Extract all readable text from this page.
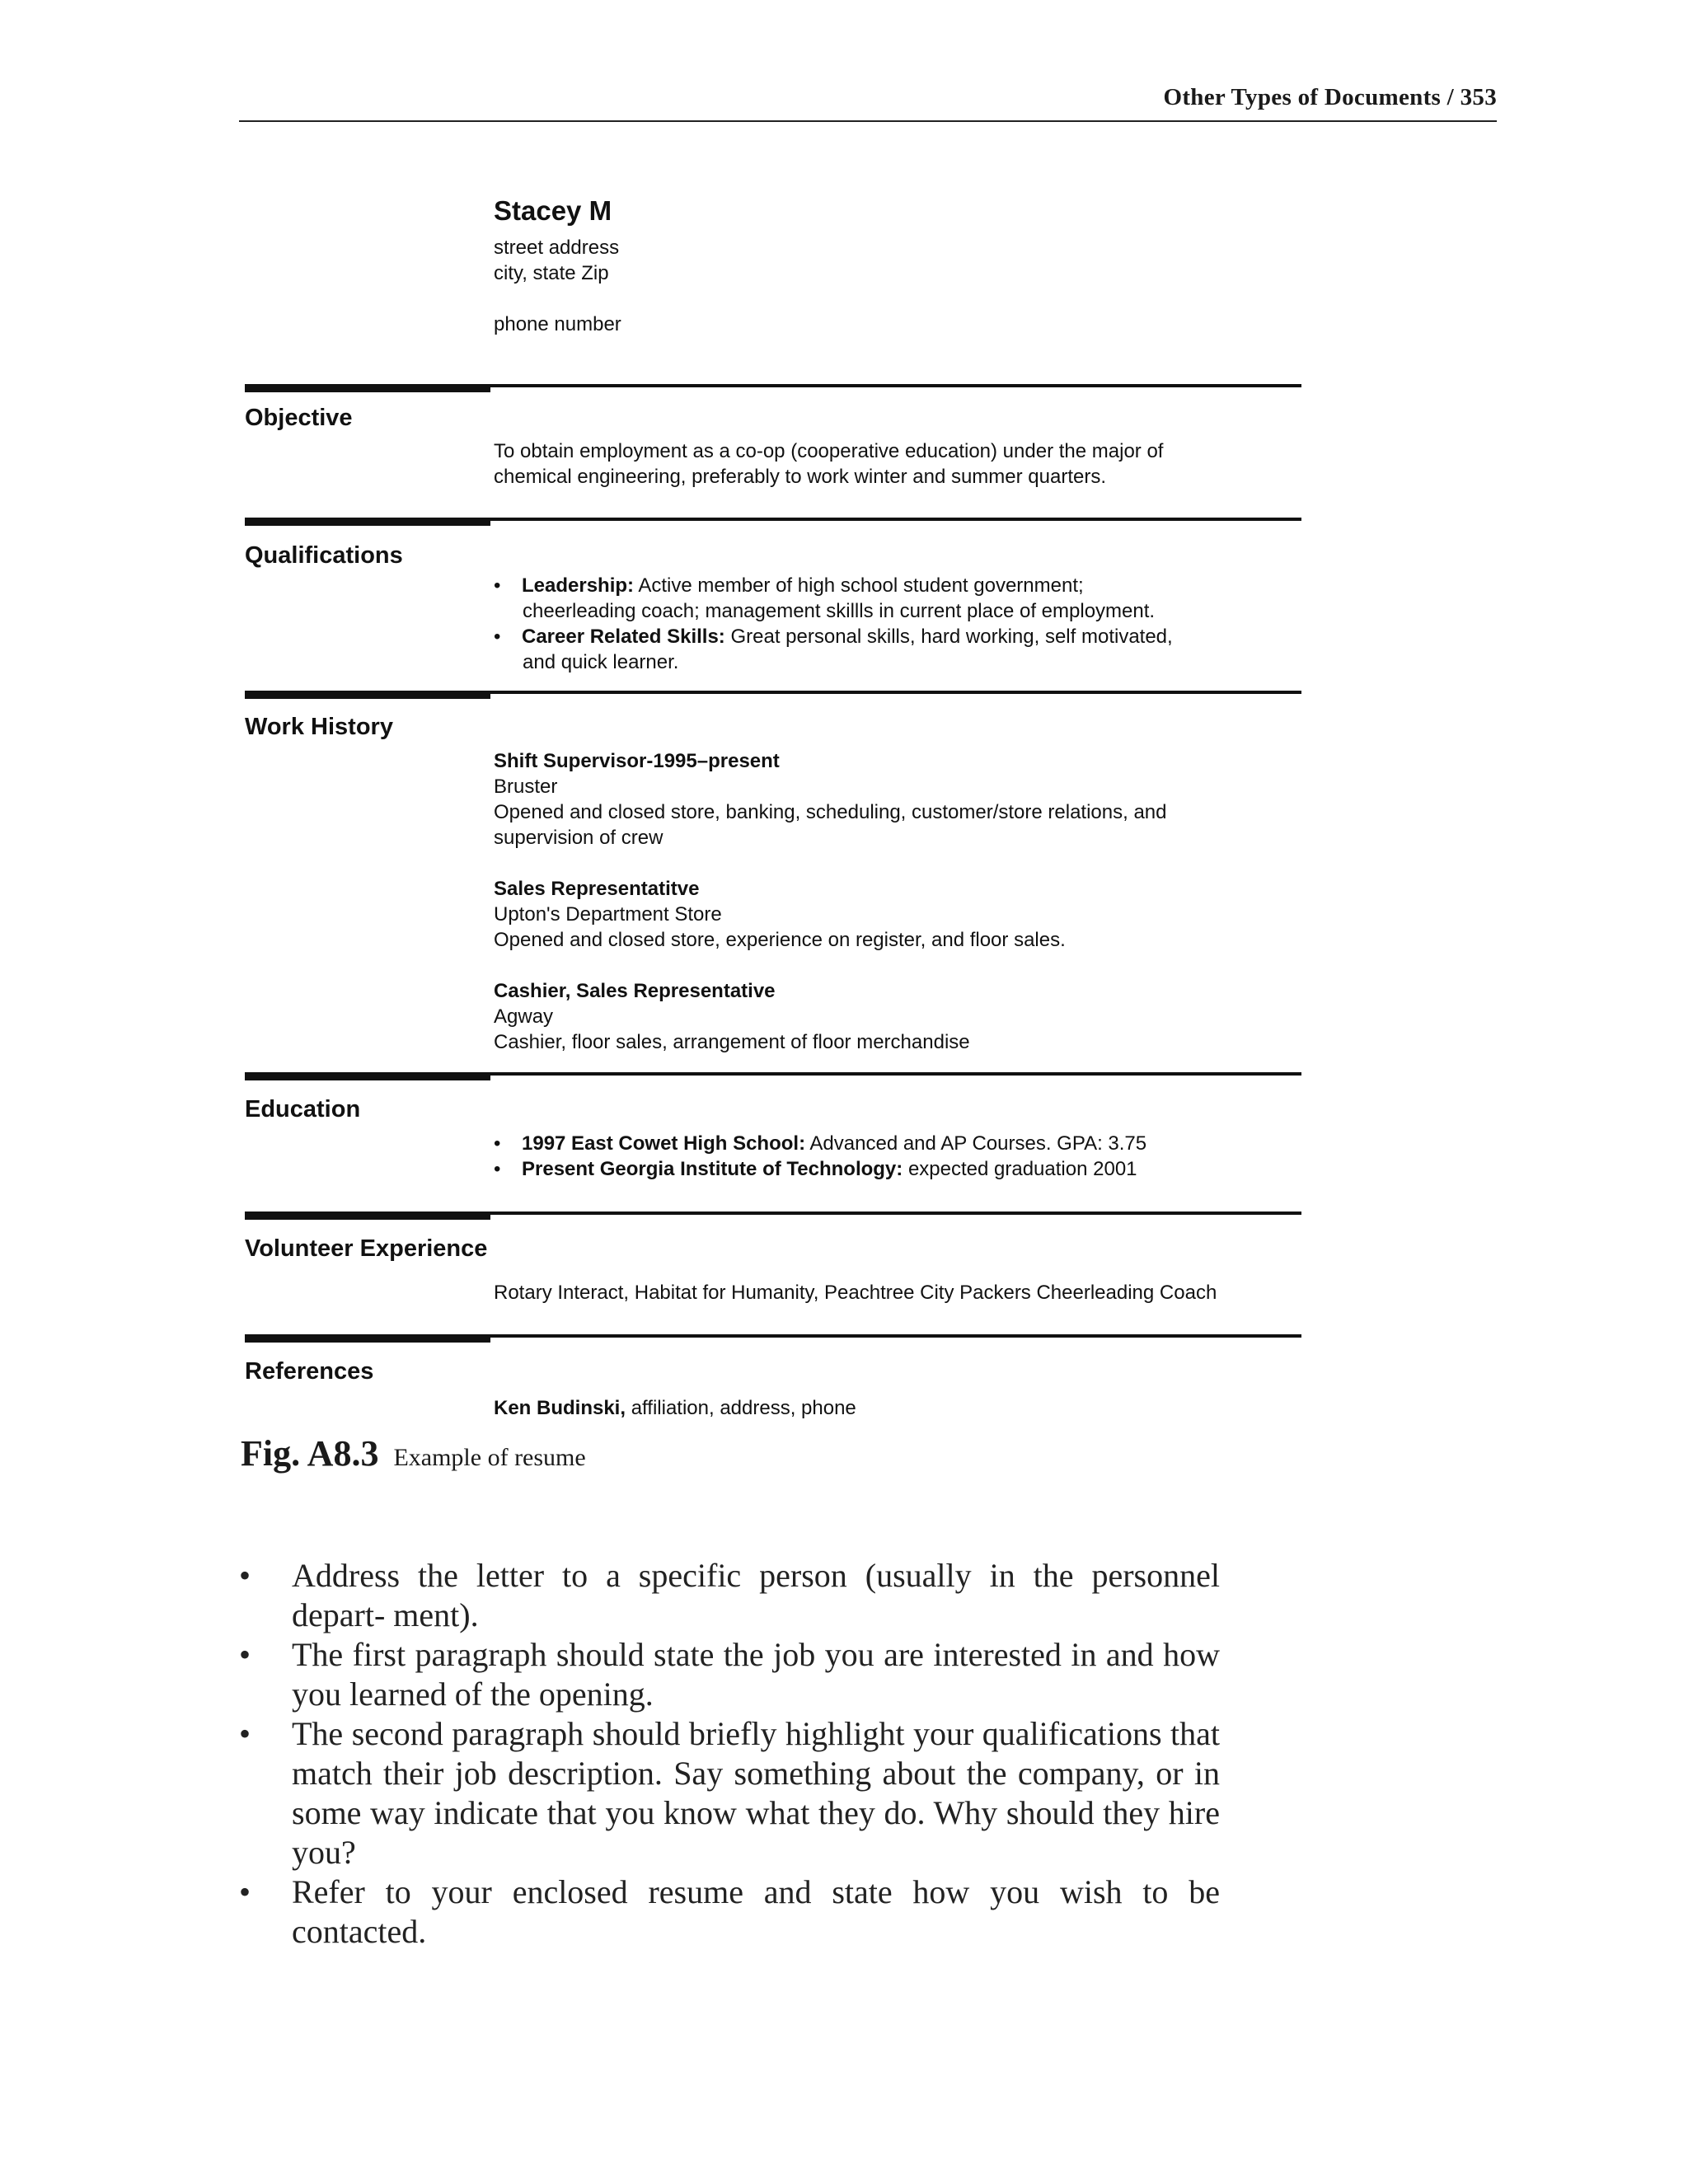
Other Types of Documents / 353
Stacey M
street address
city, state Zip
phone number
Objective
To obtain employment as a co-op (cooperative education) under the major of
chemical engineering, preferably to work winter and summer quarters.
Qualifications
• Leadership: Active member of high school student government;
cheerleading coach; management skillls in current place of employment.
• Career Related Skills: Great personal skills, hard working, self motivated,
and quick learner.
Work History
Shift Supervisor-1995–present
Bruster
Opened and closed store, banking, scheduling, customer/store relations, and
supervision of crew
Sales Representatitve
Upton's Department Store
Opened and closed store, experience on register, and floor sales.
Cashier, Sales Representative
Agway
Cashier, floor sales, arrangement of floor merchandise
Education
• 1997 East Cowet High School: Advanced and AP Courses. GPA: 3.75
• Present Georgia Institute of Technology: expected graduation 2001
Volunteer Experience
Rotary Interact, Habitat for Humanity, Peachtree City Packers Cheerleading Coach
References
Ken Budinski, affiliation, address, phone
Fig. A8.3 Example of resume
• Address the letter to a specific person (usually in the personnel depart- ment).
• The first paragraph should state the job you are interested in and how you learned of the opening.
• The second paragraph should briefly highlight your qualifications that match their job description. Say something about the company, or in some way indicate that you know what they do. Why should they hire you?
• Refer to your enclosed resume and state how you wish to be contacted.
